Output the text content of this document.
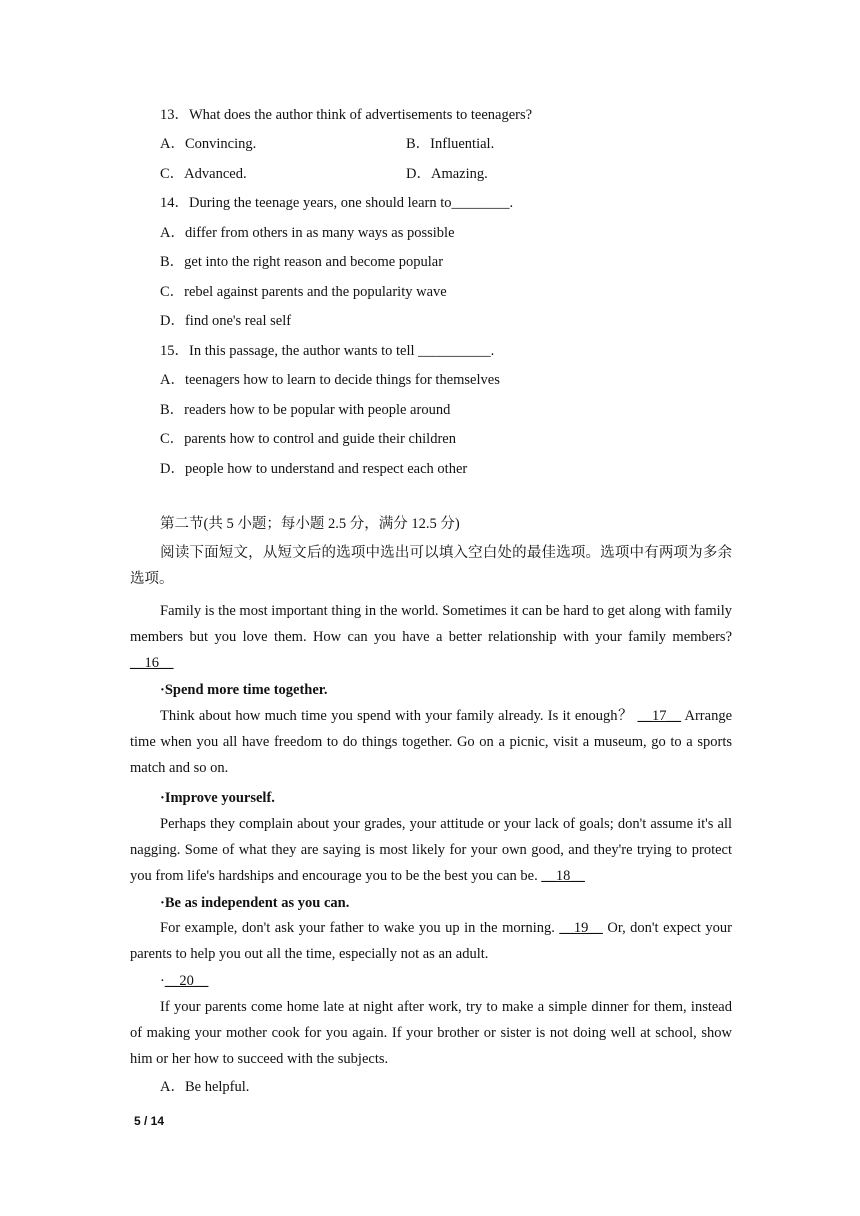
13．What does the author think of advertisements to teenagers?
A．Convincing.	B．Influential.
C．Advanced.	D．Amazing.
14．During the teenage years, one should learn to________.
A．differ from others in as many ways as possible
B．get into the right reason and become popular
C．rebel against parents and the popularity wave
D．find one's real self
15．In this passage, the author wants to tell __________.
A．teenagers how to learn to decide things for themselves
B．readers how to be popular with people around
C．parents how to control and guide their children
D．people how to understand and respect each other
第二节(共 5 小题；每小题 2.5 分，满分 12.5 分)
阅读下面短文，从短文后的选项中选出可以填入空白处的最佳选项。选项中有两项为多余选项。
Family is the most important thing in the world. Sometimes it can be hard to get along with family members but you love them. How can you have a better relationship with your family members? __16__
·Spend more time together.
Think about how much time you spend with your family already. Is it enough？ __17__ Arrange time when you all have freedom to do things together. Go on a picnic, visit a museum, go to a sports match and so on.
·Improve yourself.
Perhaps they complain about your grades, your attitude or your lack of goals; don't assume it's all nagging. Some of what they are saying is most likely for your own good, and they're trying to protect you from life's hardships and encourage you to be the best you can be. __18__
·Be as independent as you can.
For example, don't ask your father to wake you up in the morning. __19__ Or, don't expect your parents to help you out all the time, especially not as an adult.
·__20__
If your parents come home late at night after work, try to make a simple dinner for them, instead of making your mother cook for you again. If your brother or sister is not doing well at school, show him or her how to succeed with the subjects.
A．Be helpful.
5 / 14
